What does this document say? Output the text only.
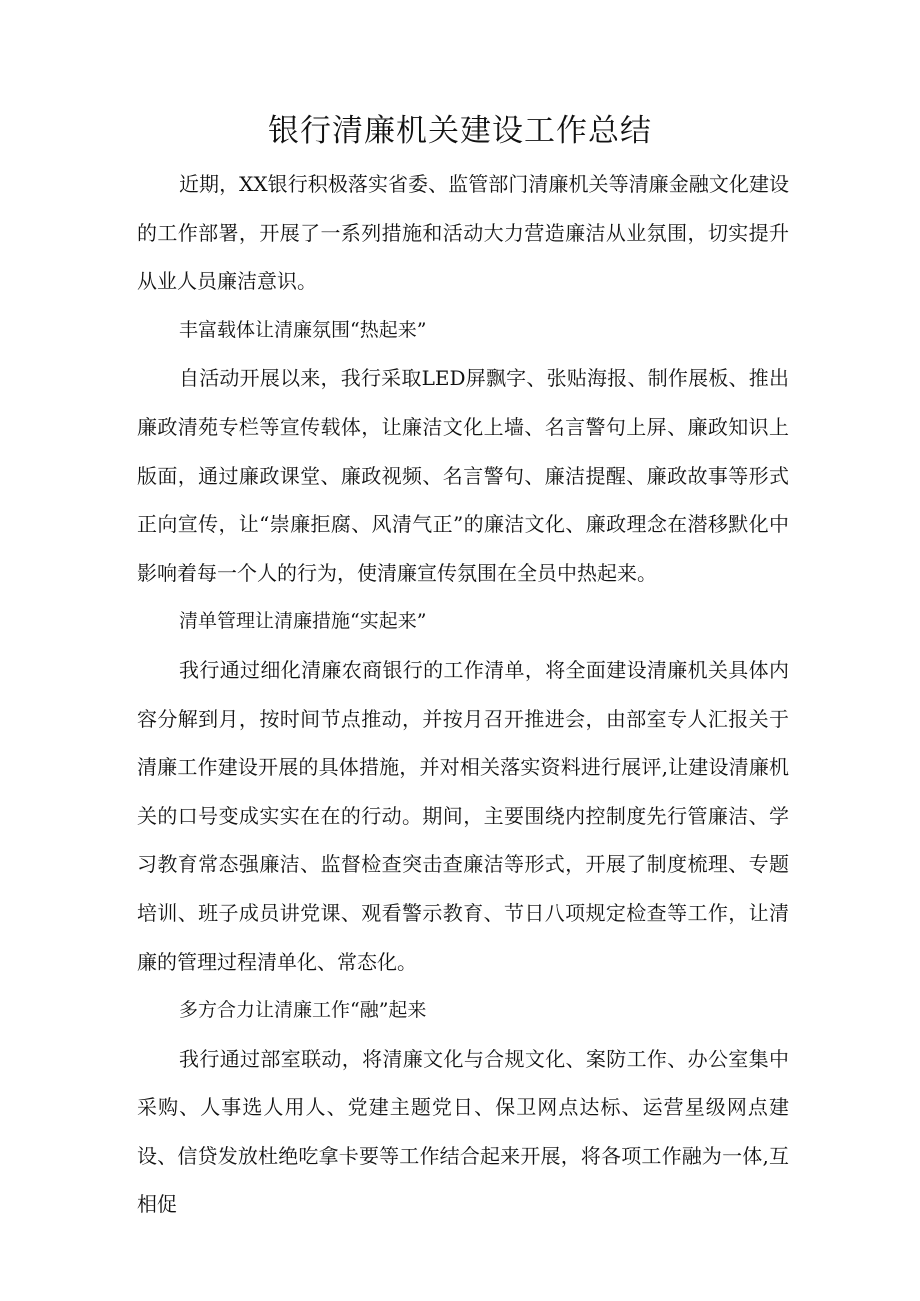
银行清廉机关建设工作总结

近期，XX银行积极落实省委、监管部门清廉机关等清廉金融文化建设的工作部署，开展了一系列措施和活动大力营造廉洁从业氛围，切实提升从业人员廉洁意识。

丰富载体让清廉氛围“热起来”

自活动开展以来，我行采取LED屏飘字、张贴海报、制作展板、推出廉政清苑专栏等宣传载体，让廉洁文化上墙、名言警句上屏、廉政知识上版面，通过廉政课堂、廉政视频、名言警句、廉洁提醒、廉政故事等形式正向宣传，让“崇廉拒腐、风清气正”的廉洁文化、廉政理念在潜移默化中影响着每一个人的行为，使清廉宣传氛围在全员中热起来。

清单管理让清廉措施“实起来”

我行通过细化清廉农商银行的工作清单，将全面建设清廉机关具体内容分解到月，按时间节点推动，并按月召开推进会，由部室专人汇报关于清廉工作建设开展的具体措施，并对相关落实资料进行展评,让建设清廉机关的口号变成实实在在的行动。期间，主要围绕内控制度先行管廉洁、学习教育常态强廉洁、监督检查突击查廉洁等形式，开展了制度梳理、专题培训、班子成员讲党课、观看警示教育、节日八项规定检查等工作，让清廉的管理过程清单化、常态化。

多方合力让清廉工作“融”起来

我行通过部室联动，将清廉文化与合规文化、案防工作、办公室集中采购、人事选人用人、党建主题党日、保卫网点达标、运营星级网点建设、信贷发放杜绝吃拿卡要等工作结合起来开展，将各项工作融为一体,互相促
